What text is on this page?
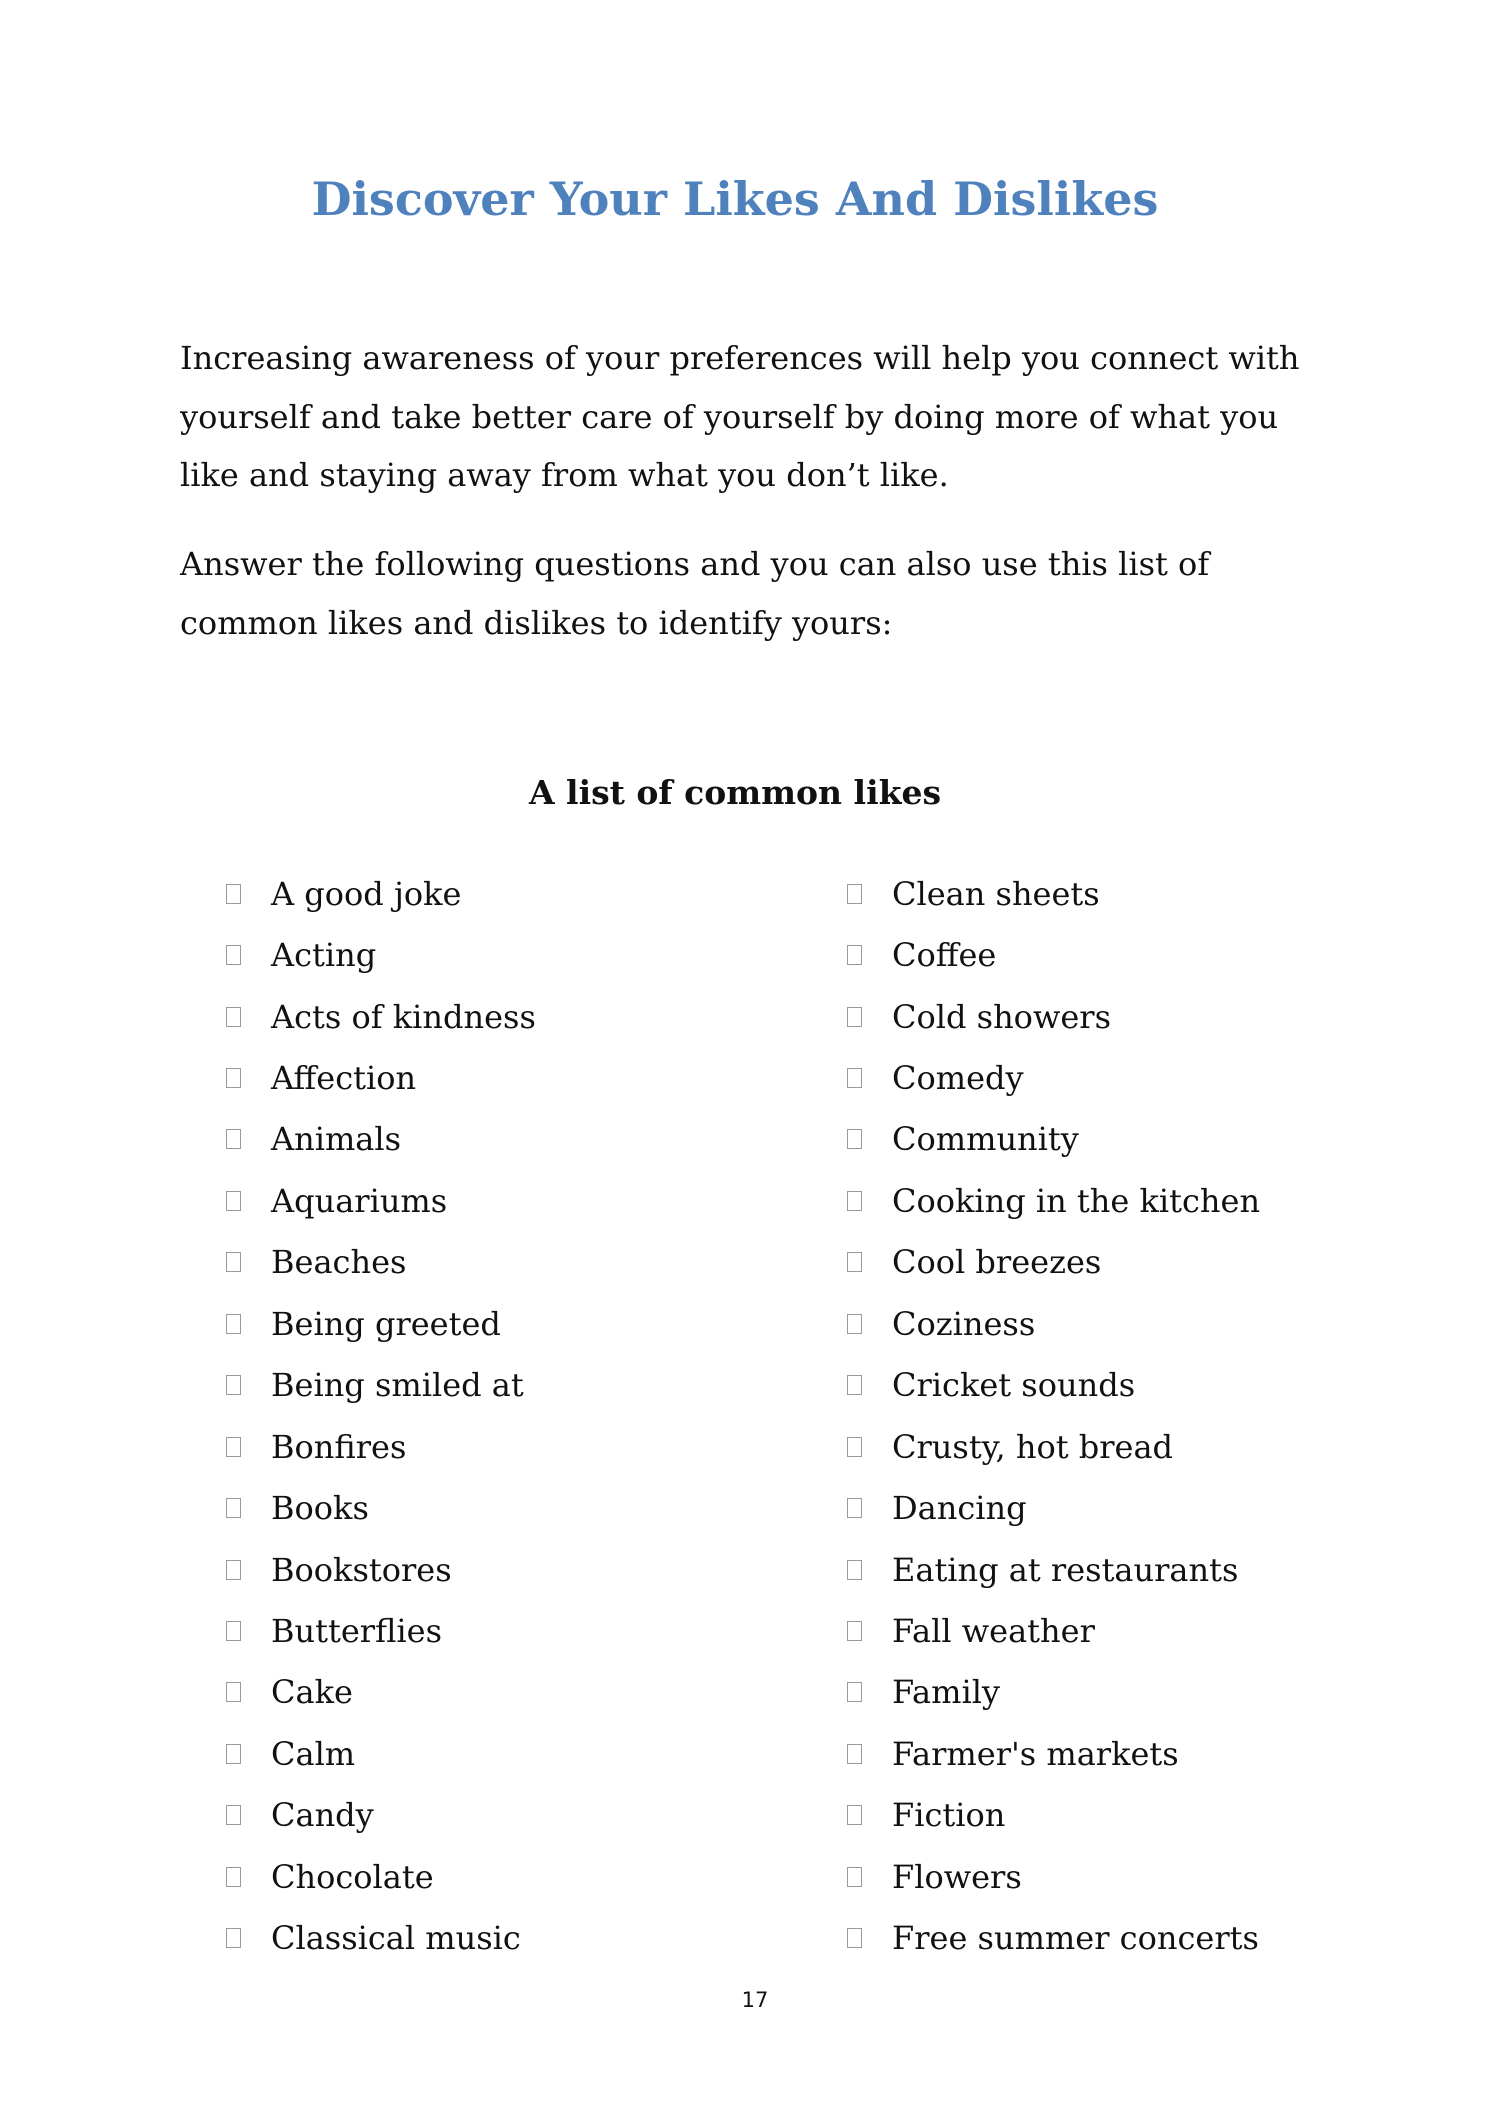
Discover Your Likes And Dislikes

Increasing awareness of your preferences will help you connect with yourself and take better care of yourself by doing more of what you like and staying away from what you don’t like.

Answer the following questions and you can also use this list of common likes and dislikes to identify yours:

A list of common likes
A good joke
Acting
Acts of kindness
Affection
Animals
Aquariums
Beaches
Being greeted
Being smiled at
Bonfires
Books
Bookstores
Butterflies
Cake
Calm
Candy
Chocolate
Classical music
Clean sheets
Coffee
Cold showers
Comedy
Community
Cooking in the kitchen
Cool breezes
Coziness
Cricket sounds
Crusty, hot bread
Dancing
Eating at restaurants
Fall weather
Family
Farmer's markets
Fiction
Flowers
Free summer concerts
17
